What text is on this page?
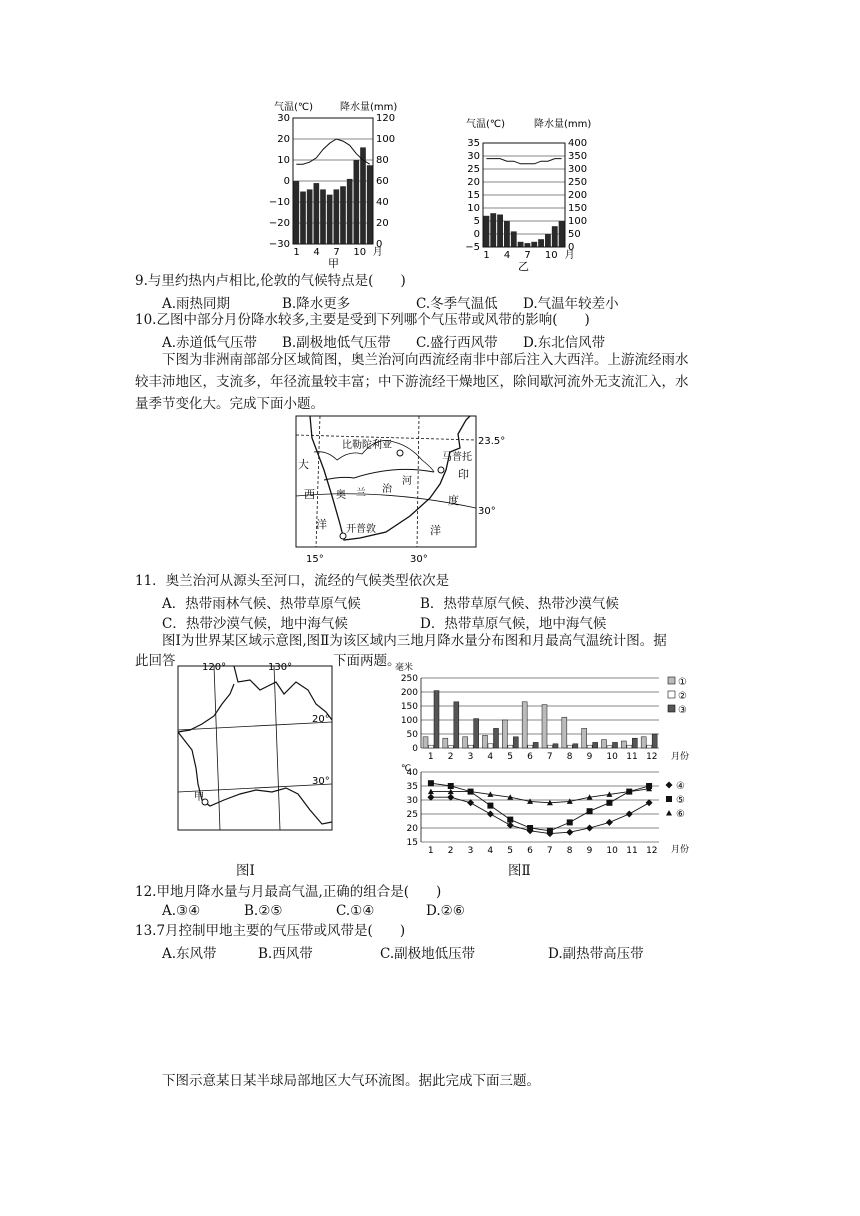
气温(℃)	降水量(mm)
30
20
10
0
−10
−20
−30
120
100
80
60
40
20
0
1 4 7 10 月
甲
气温(℃)	降水量(mm)
35
30
25
20
15
10
5
0
−5
400
350
300
250
200
150
100
50
0
1 4 7 10 月
乙
9.与里约热内卢相比,伦敦的气候特点是(　　)
A.雨热同期	B.降水更多	C.冬季气温低 D.气温年较差小
10.乙图中部分月份降水较多,主要是受到下列哪个气压带或风带的影响(　　)
A.赤道低气压带 B.副极地低气压带 C.盛行西风带 D.东北信风带
下图为非洲南部部分区域简图，奥兰治河向西流经南非中部后注入大西洋。上游流经雨水较丰沛地区，支流多，年径流量较丰富；中下游流经干燥地区，除间歇河流外无支流汇入，水量季节变化大。完成下面小题。
比勒陀利亚
马普托
开普敦
奥 兰 治
河
大
西
洋
印
度
洋
23.5°
30°
15°	30°
11．奥兰治河从源头至河口，流经的气候类型依次是
A．热带雨林气候、热带草原气候	B．热带草原气候、热带沙漠气候
C．热带沙漠气候，地中海气候	D．热带草原气候，地中海气候
图Ⅰ为世界某区域示意图,图Ⅱ为该区域内三地月降水量分布图和月最高气温统计图。据
此回答	下面两题。
甲
120°	130°
20°
30°
图Ⅰ
毫米
250
200
150
100
50
0
1 2 3 4 5 6 7 8 9 10 11 12 月份
①
②
③
℃
40
35
30
25
20
15
1 2 3 4 5 6 7 8 9 10 11 12 月份
④
⑤
⑥
图Ⅱ
12.甲地月降水量与月最高气温,正确的组合是(　　)
A.③④	B.②⑤	C.①④	D.②⑥
13.7月控制甲地主要的气压带或风带是(　　)
A.东风带	B.西风带	C.副极地低压带	D.副热带高压带
下图示意某日某半球局部地区大气环流图。据此完成下面三题。
